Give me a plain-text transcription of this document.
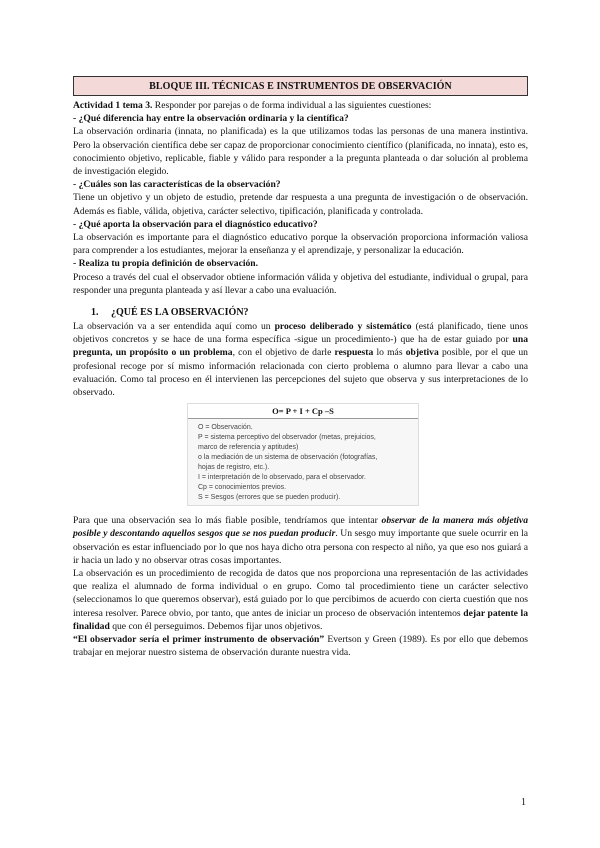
BLOQUE III. TÉCNICAS E INSTRUMENTOS DE OBSERVACIÓN

Actividad 1 tema 3. Responder por parejas o de forma individual a las siguientes cuestiones:

- ¿Qué diferencia hay entre la observación ordinaria y la científica?

La observación ordinaria (innata, no planificada) es la que utilizamos todas las personas de una manera instintiva. Pero la observación científica debe ser capaz de proporcionar conocimiento científico (planificada, no innata), esto es, conocimiento objetivo, replicable, fiable y válido para responder a la pregunta planteada o dar solución al problema de investigación elegido.

- ¿Cuáles son las características de la observación?

Tiene un objetivo y un objeto de estudio, pretende dar respuesta a una pregunta de investigación o de observación. Además es fiable, válida, objetiva, carácter selectivo, tipificación, planificada y controlada.

- ¿Qué aporta la observación para el diagnóstico educativo?

La observación es importante para el diagnóstico educativo porque la observación proporciona información valiosa para comprender a los estudiantes, mejorar la enseñanza y el aprendizaje, y personalizar la educación.

- Realiza tu propia definición de observación.

Proceso a través del cual el observador obtiene información válida y objetiva del estudiante, individual o grupal, para responder una pregunta planteada y así llevar a cabo una evaluación.

1. ¿QUÉ ES LA OBSERVACIÓN?

La observación va a ser entendida aquí como un proceso deliberado y sistemático (está planificado, tiene unos objetivos concretos y se hace de una forma específica -sigue un procedimiento-) que ha de estar guiado por una pregunta, un propósito o un problema, con el objetivo de darle respuesta lo más objetiva posible, por el que un profesional recoge por sí mismo información relacionada con cierto problema o alumno para llevar a cabo una evaluación. Como tal proceso en él intervienen las percepciones del sujeto que observa y sus interpretaciones de lo observado.

O= P + I + Cp –S
O = Observación.
P = sistema perceptivo del observador (metas, prejuicios,
marco de referencia y aptitudes)
o la mediación de un sistema de observación (fotografías,
hojas de registro, etc.).
I = interpretación de lo observado, para el observador.
Cp = conocimientos previos.
S = Sesgos (errores que se pueden producir).

Para que una observación sea lo más fiable posible, tendríamos que intentar observar de la manera más objetiva posible y descontando aquellos sesgos que se nos puedan producir. Un sesgo muy importante que suele ocurrir en la observación es estar influenciado por lo que nos haya dicho otra persona con respecto al niño, ya que eso nos guiará a ir hacia un lado y no observar otras cosas importantes.

La observación es un procedimiento de recogida de datos que nos proporciona una representación de las actividades que realiza el alumnado de forma individual o en grupo. Como tal procedimiento tiene un carácter selectivo (seleccionamos lo que queremos observar), está guiado por lo que percibimos de acuerdo con cierta cuestión que nos interesa resolver. Parece obvio, por tanto, que antes de iniciar un proceso de observación intentemos dejar patente la finalidad que con él perseguimos. Debemos fijar unos objetivos.

“El observador sería el primer instrumento de observación” Evertson y Green (1989). Es por ello que debemos trabajar en mejorar nuestro sistema de observación durante nuestra vida.

1
